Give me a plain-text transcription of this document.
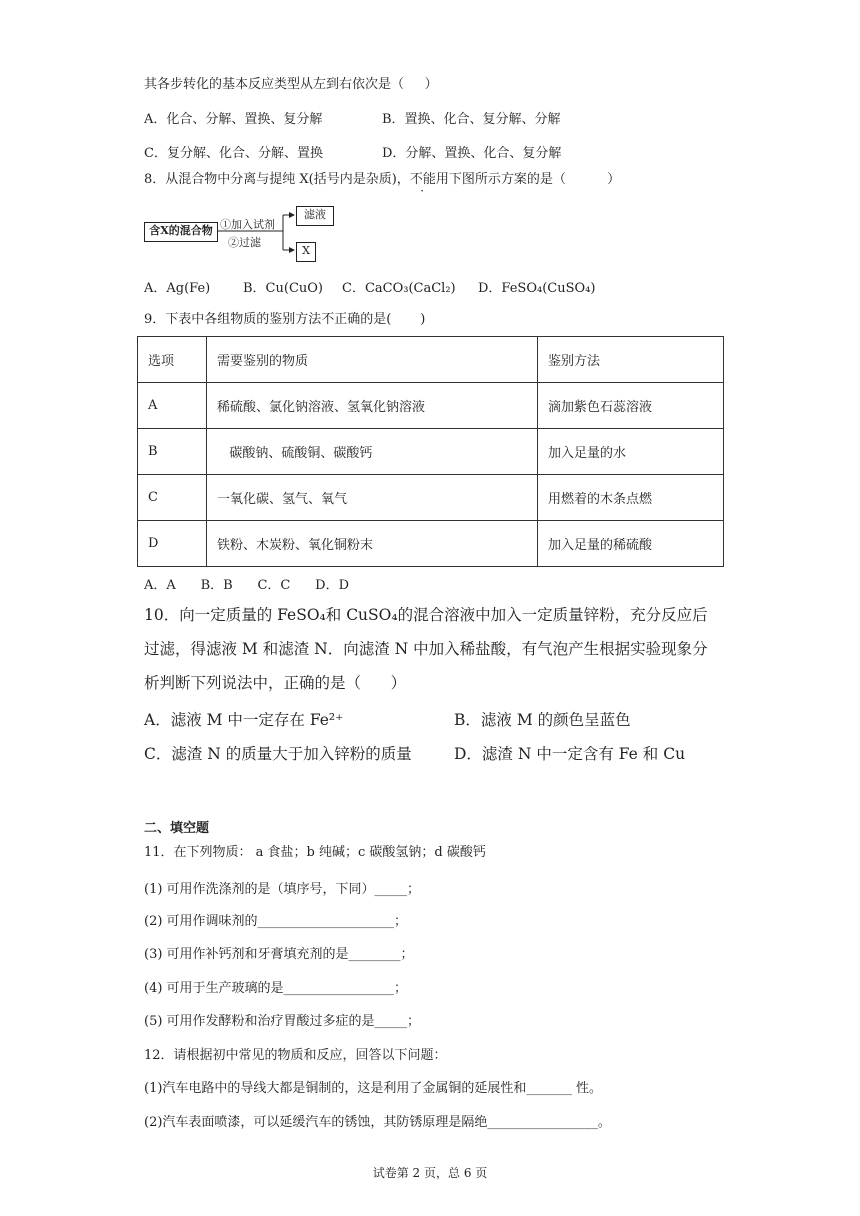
其各步转化的基本反应类型从左到右依次是（     ）
A．化合、分解、置换、复分解	B．置换、化合、复分解、分解
C．复分解、化合、分解、置换	D．分解、置换、化合、复分解
8．从混合物中分离与提纯 X(括号内是杂质)，不能用下图所示方案的是（          ）
含X的混合物 ①加入试剂
②过滤
滤液
X
A．Ag(Fe)	B．Cu(CuO) C．CaCO₃(CaCl₂) D．FeSO₄(CuSO₄)
9．下表中各组物质的鉴别方法不正确的是(       )
选项	需要鉴别的物质	鉴别方法
A	稀硫酸、氯化钠溶液、氢氧化钠溶液	滴加紫色石蕊溶液
B	碳酸钠、硫酸铜、碳酸钙	加入足量的水
C	一氧化碳、氢气、氧气	用燃着的木条点燃
D	铁粉、木炭粉、氧化铜粉末	加入足量的稀硫酸
A．A      B．B      C．C      D．D
10．向一定质量的 FeSO₄和 CuSO₄的混合溶液中加入一定质量锌粉，充分反应后
过滤，得滤液 M 和滤渣 N．向滤渣 N 中加入稀盐酸，有气泡产生根据实验现象分
析判断下列说法中，正确的是（      ）
A．滤液 M 中一定存在 Fe²⁺	B．滤液 M 的颜色呈蓝色
C．滤渣 N 的质量大于加入锌粉的质量	D．滤渣 N 中一定含有 Fe 和 Cu
二、填空题
11．在下列物质： a 食盐；b 纯碱；c 碳酸氢钠；d 碳酸钙
(1) 可用作洗涤剂的是（填序号，下同）_____；
(2) 可用作调味剂的_____________________；
(3) 可用作补钙剂和牙膏填充剂的是________；
(4) 可用于生产玻璃的是_________________；
(5) 可用作发酵粉和治疗胃酸过多症的是_____；
12．请根据初中常见的物质和反应，回答以下问题：
(1)汽车电路中的导线大都是铜制的，这是利用了金属铜的延展性和_______ 性。
(2)汽车表面喷漆，可以延缓汽车的锈蚀，其防锈原理是隔绝_________________。
试卷第 2 页，总 6 页
